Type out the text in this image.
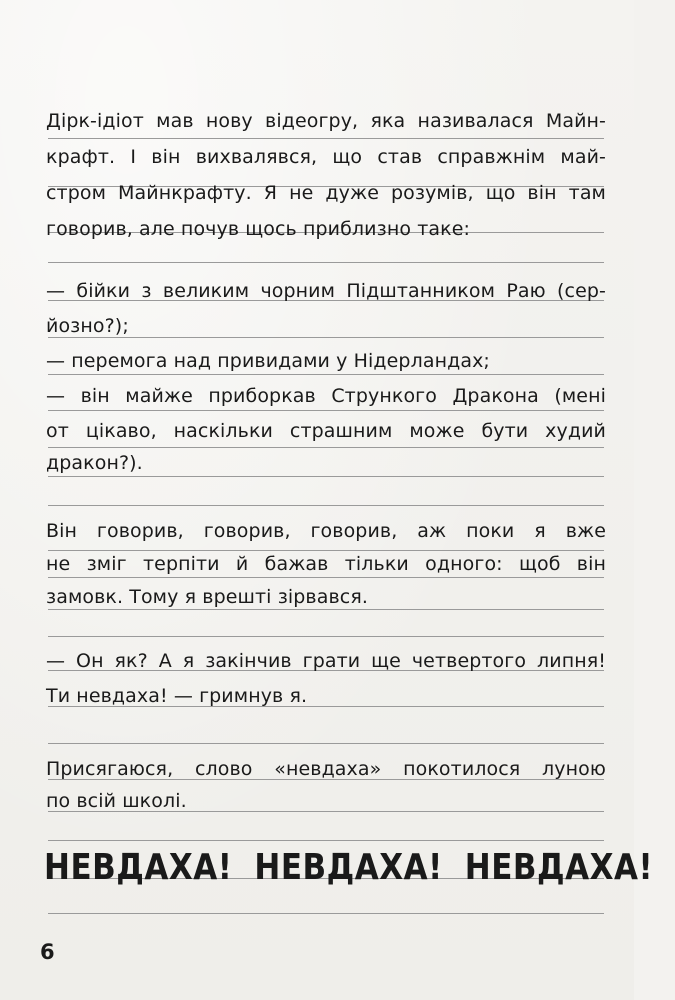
Дірк-ідіот мав нову відеогру, яка називалася Майн-
крафт. І він вихвалявся, що став справжнім май-
стром Майнкрафту. Я не дуже розумів, що він там
говорив, але почув щось приблизно таке:
— бійки з великим чорним Підштанником Раю (сер-
йозно?);
— перемога над привидами у Нідерландах;
— він майже приборкав Стрункого Дракона (мені
от цікаво, наскільки страшним може бути худий
дракон?).
Він говорив, говорив, говорив, аж поки я вже
не зміг терпіти й бажав тільки одного: щоб він
замовк. Тому я врешті зірвався.
— Он як? А я закінчив грати ще четвертого липня!
Ти невдаха! — гримнув я.
Присягаюся, слово «невдаха» покотилося луною
по всій школі.
НЕВДАХА! НЕВДАХА! НЕВДАХА!
6
